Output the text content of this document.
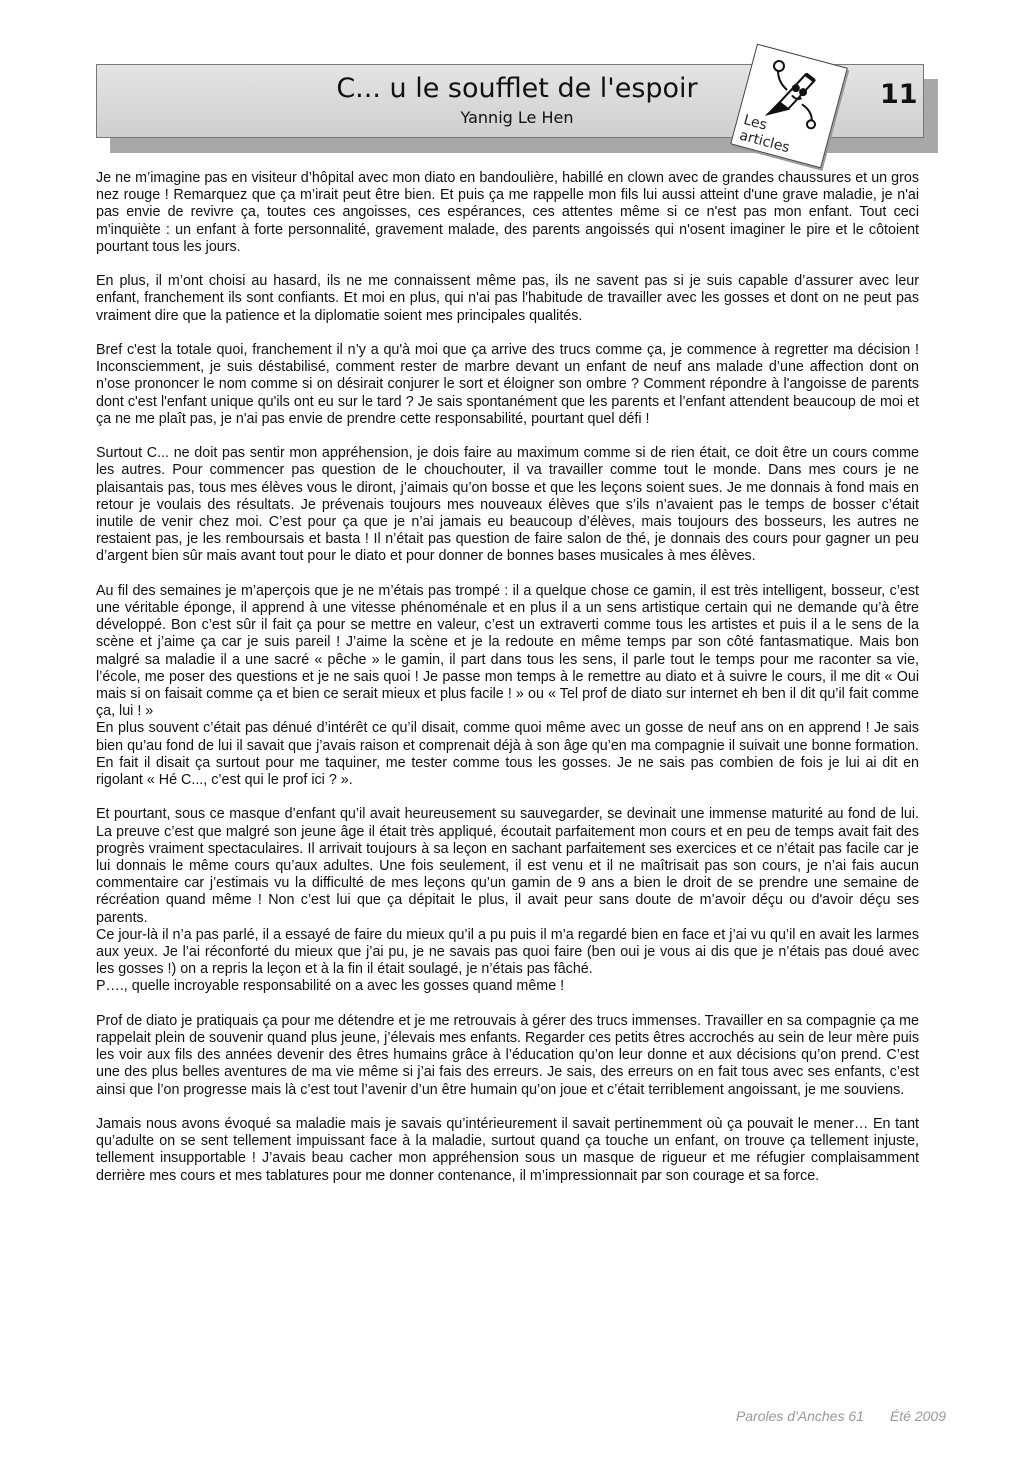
C... u le soufflet de l'espoir
Yannig Le Hen	Les
articles
11

Je ne m’imagine pas en visiteur d’hôpital avec mon diato en bandoulière, habillé en clown avec de grandes chaussures et un gros nez rouge ! Remarquez que ça m’irait peut être bien. Et puis ça me rappelle mon fils lui aussi atteint d'une grave maladie, je n'ai pas envie de revivre ça, toutes ces angoisses, ces espérances, ces attentes même si ce n'est pas mon enfant. Tout ceci m'inquiète : un enfant à forte personnalité, gravement malade, des parents angoissés qui n'osent imaginer le pire et le côtoient pourtant tous les jours.

En plus, il m’ont choisi au hasard, ils ne me connaissent même pas, ils ne savent pas si je suis capable d’assurer avec leur enfant, franchement ils sont confiants. Et moi en plus, qui n'ai pas l'habitude de travailler avec les gosses et dont on ne peut pas vraiment dire que la patience et la diplomatie soient mes principales qualités.

Bref c'est la totale quoi, franchement il n’y a qu'à moi que ça arrive des trucs comme ça, je commence à regretter ma décision ! Inconsciemment, je suis déstabilisé, comment rester de marbre devant un enfant de neuf ans malade d’une affection dont on n’ose prononcer le nom comme si on désirait conjurer le sort et éloigner son ombre ? Comment répondre à l'angoisse de parents dont c'est l'enfant unique qu'ils ont eu sur le tard ? Je sais spontanément que les parents et l’enfant attendent beaucoup de moi et ça ne me plaît pas, je n'ai pas envie de prendre cette responsabilité, pourtant quel défi !

Surtout C... ne doit pas sentir mon appréhension, je dois faire au maximum comme si de rien était, ce doit être un cours comme les autres. Pour commencer pas question de le chouchouter, il va travailler comme tout le monde. Dans mes cours je ne plaisantais pas, tous mes élèves vous le diront, j’aimais qu’on bosse et que les leçons soient sues. Je me donnais à fond mais en retour je voulais des résultats. Je prévenais toujours mes nouveaux élèves que s’ils n’avaient pas le temps de bosser c’était inutile de venir chez moi. C’est pour ça que je n’ai jamais eu beaucoup d’élèves, mais toujours des bosseurs, les autres ne restaient pas, je les remboursais et basta ! Il n’était pas question de faire salon de thé, je donnais des cours pour gagner un peu d’argent bien sûr mais avant tout pour le diato et pour donner de bonnes bases musicales à mes élèves.

Au fil des semaines je m’aperçois que je ne m’étais pas trompé : il a quelque chose ce gamin, il est très intelligent, bosseur, c’est une véritable éponge, il apprend à une vitesse phénoménale et en plus il a un sens artistique certain qui ne demande qu’à être développé. Bon c’est sûr il fait ça pour se mettre en valeur, c’est un extraverti comme tous les artistes et puis il a le sens de la scène et j’aime ça car je suis pareil ! J’aime la scène et je la redoute en même temps par son côté fantasmatique. Mais bon malgré sa maladie il a une sacré « pêche » le gamin, il part dans tous les sens, il parle tout le temps pour me raconter sa vie, l’école, me poser des questions et je ne sais quoi ! Je passe mon temps à le remettre au diato et à suivre le cours, il me dit « Oui mais si on faisait comme ça et bien ce serait mieux et plus facile ! » ou « Tel prof de diato sur internet eh ben il dit qu’il fait comme ça, lui ! »

En plus souvent c’était pas dénué d’intérêt ce qu’il disait, comme quoi même avec un gosse de neuf ans on en apprend ! Je sais bien qu’au fond de lui il savait que j’avais raison et comprenait déjà à son âge qu’en ma compagnie il suivait une bonne formation. En fait il disait ça surtout pour me taquiner, me tester comme tous les gosses. Je ne sais pas combien de fois je lui ai dit en rigolant « Hé C..., c’est qui le prof ici ? ».

Et pourtant, sous ce masque d’enfant qu’il avait heureusement su sauvegarder, se devinait une immense maturité au fond de lui. La preuve c’est que malgré son jeune âge il était très appliqué, écoutait parfaitement mon cours et en peu de temps avait fait des progrès vraiment spectaculaires. Il arrivait toujours à sa leçon en sachant parfaitement ses exercices et ce n’était pas facile car je lui donnais le même cours qu’aux adultes. Une fois seulement, il est venu et il ne maîtrisait pas son cours, je n’ai fais aucun commentaire car j’estimais vu la difficulté de mes leçons qu’un gamin de 9 ans a bien le droit de se prendre une semaine de récréation quand même ! Non c’est lui que ça dépitait le plus, il avait peur sans doute de m’avoir déçu ou d'avoir déçu ses parents.

Ce jour-là il n’a pas parlé, il a essayé de faire du mieux qu’il a pu puis il m’a regardé bien en face et j’ai vu qu’il en avait les larmes aux yeux. Je l’ai réconforté du mieux que j’ai pu, je ne savais pas quoi faire (ben oui je vous ai dis que je n’étais pas doué avec les gosses !) on a repris la leçon et à la fin il était soulagé, je n’étais pas fâché.

P…., quelle incroyable responsabilité on a avec les gosses quand même !

Prof de diato je pratiquais ça pour me détendre et je me retrouvais à gérer des trucs immenses. Travailler en sa compagnie ça me rappelait plein de souvenir quand plus jeune, j’élevais mes enfants. Regarder ces petits êtres accrochés au sein de leur mère puis les voir aux fils des années devenir des êtres humains grâce à l’éducation qu’on leur donne et aux décisions qu’on prend. C’est une des plus belles aventures de ma vie même si j’ai fais des erreurs. Je sais, des erreurs on en fait tous avec ses enfants, c’est ainsi que l’on progresse mais là c’est tout l’avenir d’un être humain qu’on joue et c’était terriblement angoissant, je me souviens.

Jamais nous avons évoqué sa maladie mais je savais qu’intérieurement il savait pertinemment où ça pouvait le mener… En tant qu’adulte on se sent tellement impuissant face à la maladie, surtout quand ça touche un enfant, on trouve ça tellement injuste, tellement insupportable ! J’avais beau cacher mon appréhension sous un masque de rigueur et me réfugier complaisamment derrière mes cours et mes tablatures pour me donner contenance, il m’impressionnait par son courage et sa force.

Paroles d'Anches 61 Été 2009
